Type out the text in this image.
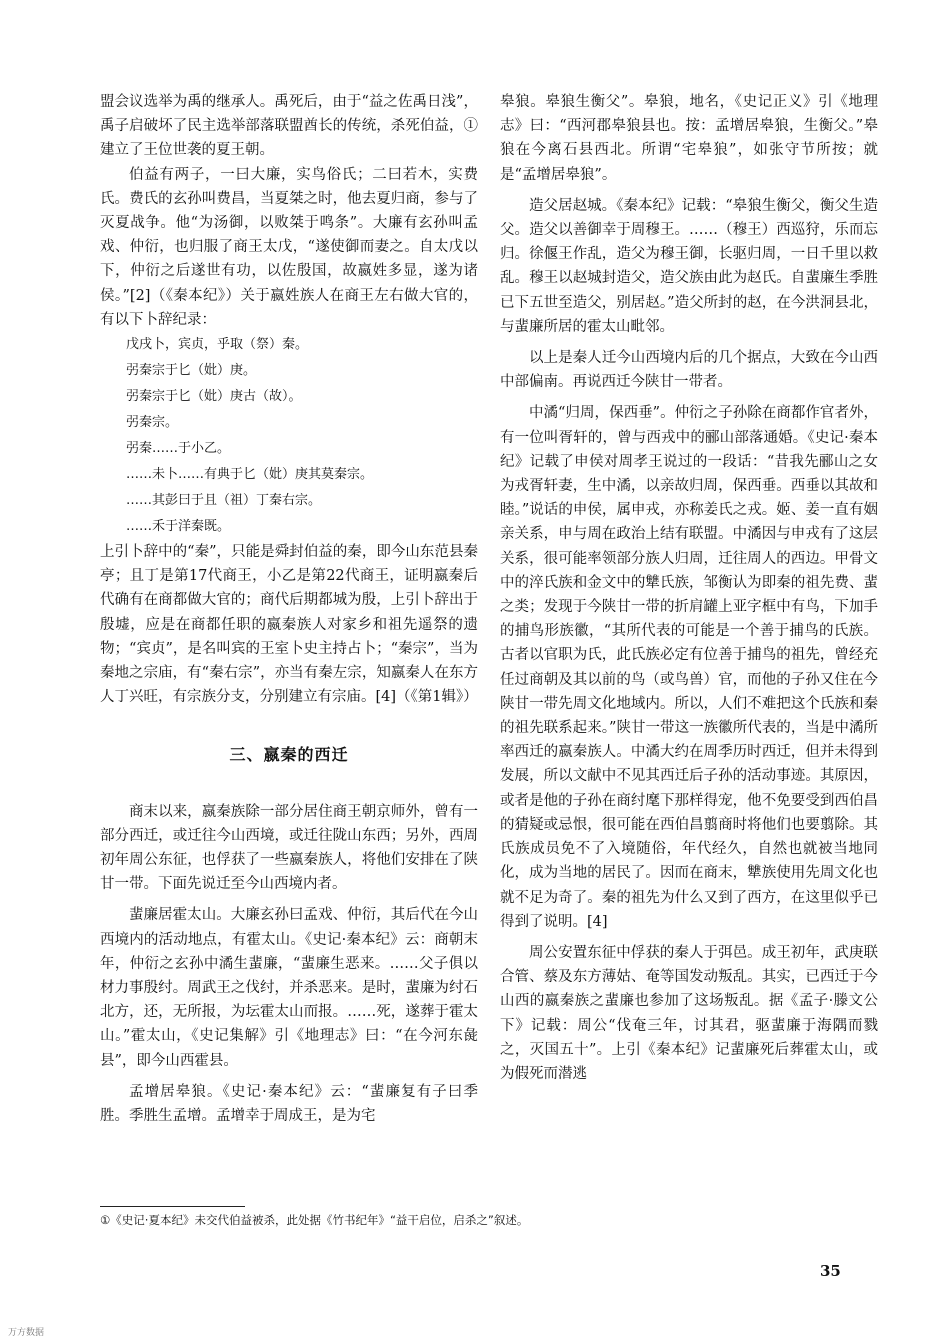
盟会议选举为禹的继承人。禹死后，由于“益之佐禹日浅”，禹子启破坏了民主选举部落联盟酋长的传统，杀死伯益，①建立了王位世袭的夏王朝。

伯益有两子，一曰大廉，实鸟俗氏；二曰若木，实费氏。费氏的玄孙叫费昌，当夏桀之时，他去夏归商，参与了灭夏战争。他“为汤御，以败桀于鸣条”。大廉有玄孙叫孟戏、仲衍，也归服了商王太戊，“遂使御而妻之。自太戊以下，仲衍之后遂世有功，以佐殷国，故嬴姓多显，遂为诸侯。”[2]（《秦本纪》）关于嬴姓族人在商王左右做大官的，有以下卜辞纪录：

戊戌卜，宾贞，乎取（祭）秦。

弜秦宗于匕（妣）庚。

弜秦宗于匕（妣）庚古（故）。

弜秦宗。

弜秦……于小乙。

……未卜……有典于匕（妣）庚其莫秦宗。

……其彭曰于且（祖）丁秦右宗。

……禾于洋秦既。

上引卜辞中的“秦”，只能是舜封伯益的秦，即今山东范县秦亭；且丁是第17代商王，小乙是第22代商王，证明嬴秦后代确有在商都做大官的；商代后期都城为殷，上引卜辞出于殷墟，应是在商都任职的嬴秦族人对家乡和祖先遥祭的遗物；“宾贞”，是名叫宾的王室卜史主持占卜；“秦宗”，当为秦地之宗庙，有“秦右宗”，亦当有秦左宗，知嬴秦人在东方人丁兴旺，有宗族分支，分别建立有宗庙。[4]（《第1辑》）

三、嬴秦的西迁

商末以来，嬴秦族除一部分居住商王朝京师外，曾有一部分西迁，或迁往今山西境，或迁往陇山东西；另外，西周初年周公东征，也俘获了一些嬴秦族人，将他们安排在了陕甘一带。下面先说迁至今山西境内者。

蜚廉居霍太山。大廉玄孙曰孟戏、仲衍，其后代在今山西境内的活动地点，有霍太山。《史记·秦本纪》云：商朝末年，仲衍之玄孙中潏生蜚廉，“蜚廉生恶来。……父子俱以材力事殷纣。周武王之伐纣，并杀恶来。是时，蜚廉为纣石北方，还，无所报，为坛霍太山而报。……死，遂葬于霍太山。”霍太山，《史记集解》引《地理志》曰：“在今河东彘县”，即今山西霍县。

孟增居皋狼。《史记·秦本纪》云：“蜚廉复有子曰季胜。季胜生孟增。孟增幸于周成王，是为宅

皋狼。皋狼生衡父”。皋狼，地名，《史记正义》引《地理志》曰：“西河郡皋狼县也。按：孟增居皋狼，生衡父。”皋狼在今离石县西北。所谓“宅皋狼”，如张守节所按；就是“孟增居皋狼”。

造父居赵城。《秦本纪》记载：“皋狼生衡父，衡父生造父。造父以善御幸于周穆王。……（穆王）西巡狩，乐而忘归。徐偃王作乱，造父为穆王御，长驱归周，一日千里以救乱。穆王以赵城封造父，造父族由此为赵氏。自蜚廉生季胜已下五世至造父，别居赵。”造父所封的赵，在今洪洞县北，与蜚廉所居的霍太山毗邻。

以上是秦人迁今山西境内后的几个据点，大致在今山西中部偏南。再说西迁今陕甘一带者。

中潏“归周，保西垂”。仲衍之子孙除在商都作官者外，有一位叫胥轩的，曾与西戎中的郦山部落通婚。《史记·秦本纪》记载了申侯对周孝王说过的一段话：“昔我先郦山之女为戎胥轩妻，生中潏，以亲故归周，保西垂。西垂以其故和睦。”说话的申侯，属申戎，亦称姜氏之戎。姬、姜一直有姻亲关系，申与周在政治上结有联盟。中潏因与申戎有了这层关系，很可能率领部分族人归周，迁往周人的西边。甲骨文中的淬氏族和金文中的犨氏族，邹衡认为即秦的祖先费、蜚之类；发现于今陕甘一带的折肩罐上亚字框中有鸟，下加手的捕鸟形族徽，“其所代表的可能是一个善于捕鸟的氏族。古者以官职为氏，此氏族必定有位善于捕鸟的祖先，曾经充任过商朝及其以前的鸟（或鸟兽）官，而他的子孙又住在今陕甘一带先周文化地域内。所以，人们不难把这个氏族和秦的祖先联系起来。”陕甘一带这一族徽所代表的，当是中潏所率西迁的嬴秦族人。中潏大约在周季历时西迁，但并未得到发展，所以文献中不见其西迁后子孙的活动事迹。其原因，或者是他的子孙在商纣麾下那样得宠，他不免要受到西伯昌的猜疑或忌恨，很可能在西伯昌翦商时将他们也要翦除。其氏族成员免不了入境随俗，年代经久，自然也就被当地同化，成为当地的居民了。因而在商末，犨族使用先周文化也就不足为奇了。秦的祖先为什么又到了西方，在这里似乎已得到了说明。[4]

周公安置东征中俘获的秦人于弭邑。成王初年，武庚联合管、蔡及东方薄姑、奄等国发动叛乱。其实，已西迁于今山西的嬴秦族之蜚廉也参加了这场叛乱。据《孟子·滕文公下》记载：周公“伐奄三年，讨其君，驱蜚廉于海隅而戮之，灭国五十”。上引《秦本纪》记蜚廉死后葬霍太山，或为假死而潜逃

①《史记·夏本纪》未交代伯益被杀，此处据《竹书纪年》“益干启位，启杀之”叙述。
35
万方数据
